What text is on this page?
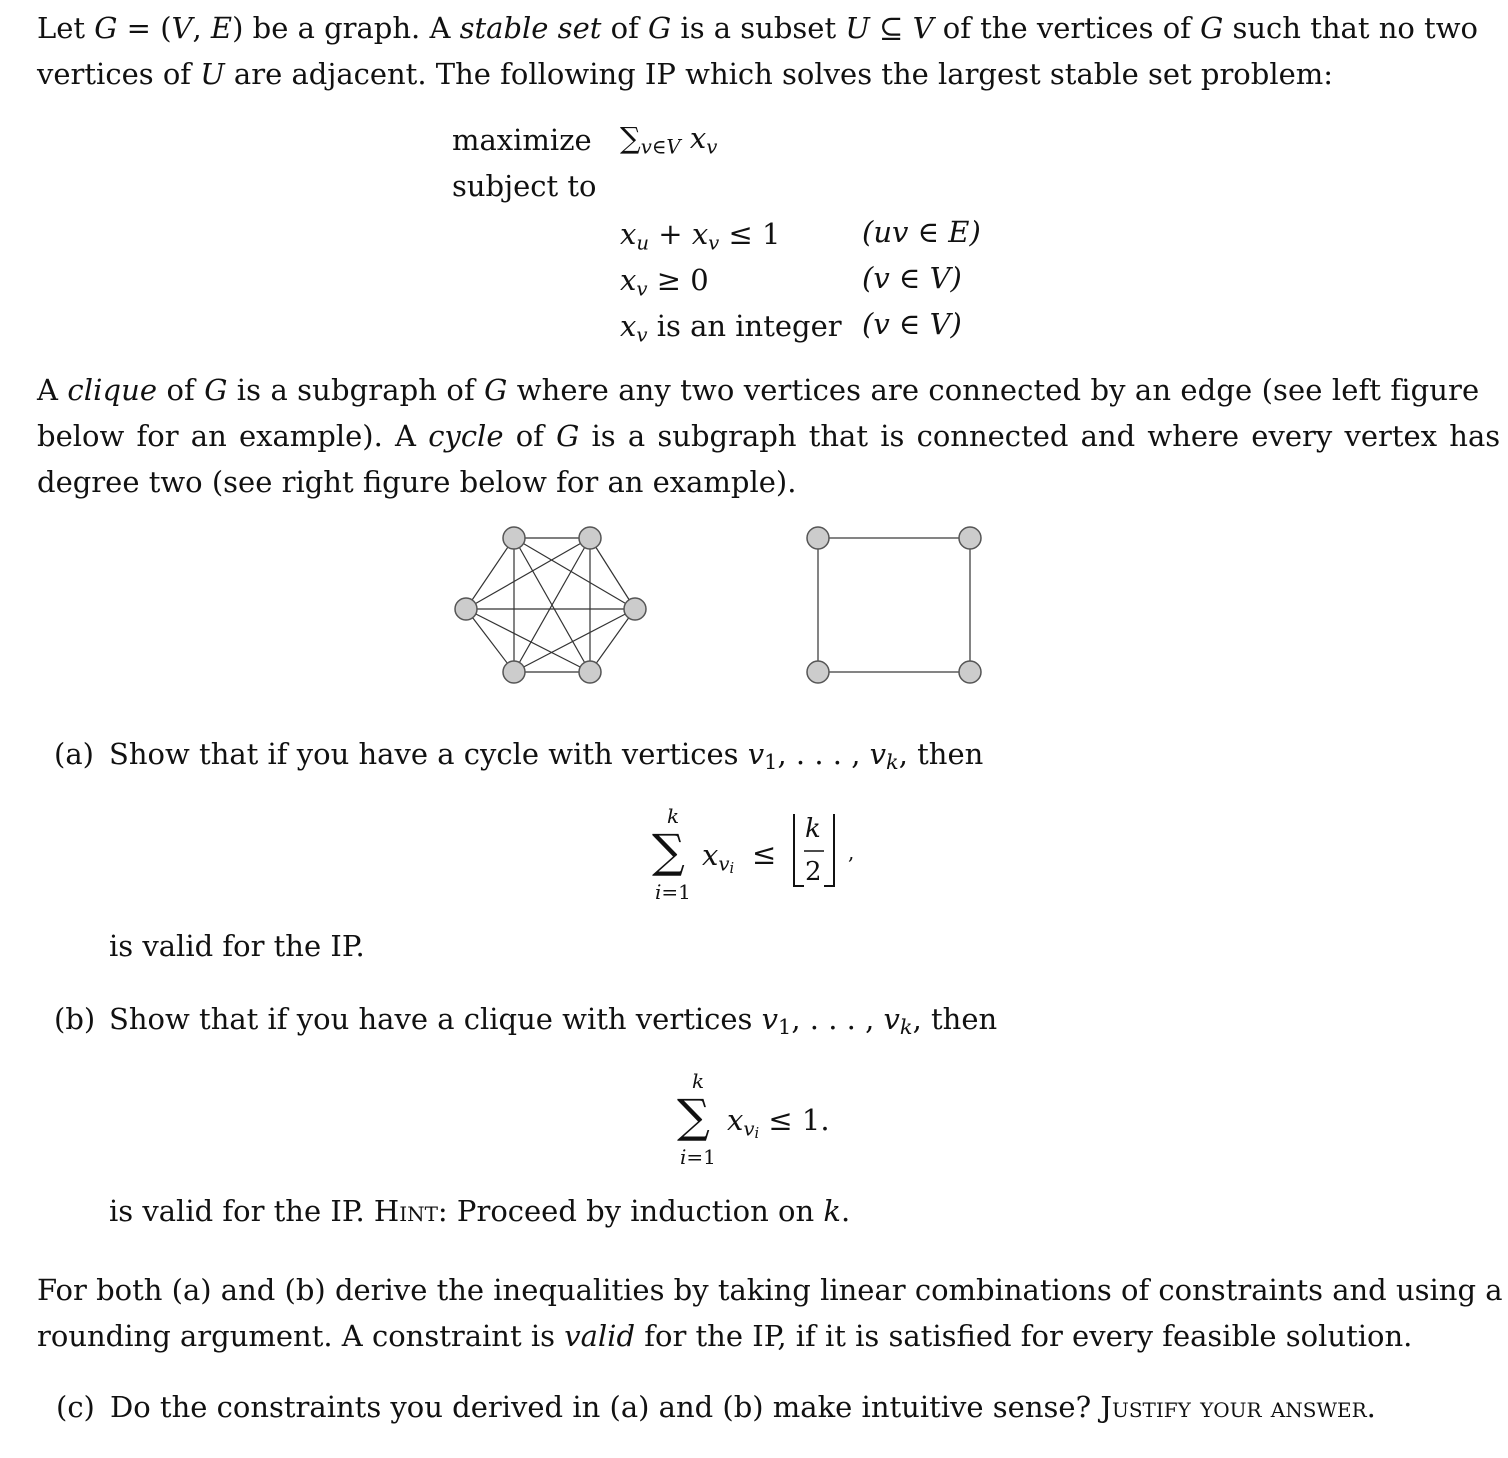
Let G = (V, E) be a graph. A stable set of G is a subset U ⊆ V of the vertices of G such that no two
vertices of U are adjacent. The following IP which solves the largest stable set problem:
maximize $\sum_{v\in V}$ $x_v$
subject to
$x_u + x_v \le 1$	(uv ∈ E)
$x_v \ge 0$	(v ∈ V)
$x_v$ is an integer (v ∈ V)
A clique of G is a subgraph of G where any two vertices are connected by an edge (see left figure
below for an example). A cycle of G is a subgraph that is connected and where every vertex has
degree two (see right figure below for an example).
(a) Show that if you have a cycle with vertices v1, . . . , vk, then
k
∑
i=1
$x_{vi}$ ≤
k
2
,
is valid for the IP.
(b) Show that if you have a clique with vertices v1, . . . , vk, then
k
∑
i=1
$x_{vi} \le 1$.
is valid for the IP. Hint: Proceed by induction on k.
For both (a) and (b) derive the inequalities by taking linear combinations of constraints and using a
rounding argument. A constraint is valid for the IP, if it is satisfied for every feasible solution.
(c) Do the constraints you derived in (a) and (b) make intuitive sense? Justify your answer.
